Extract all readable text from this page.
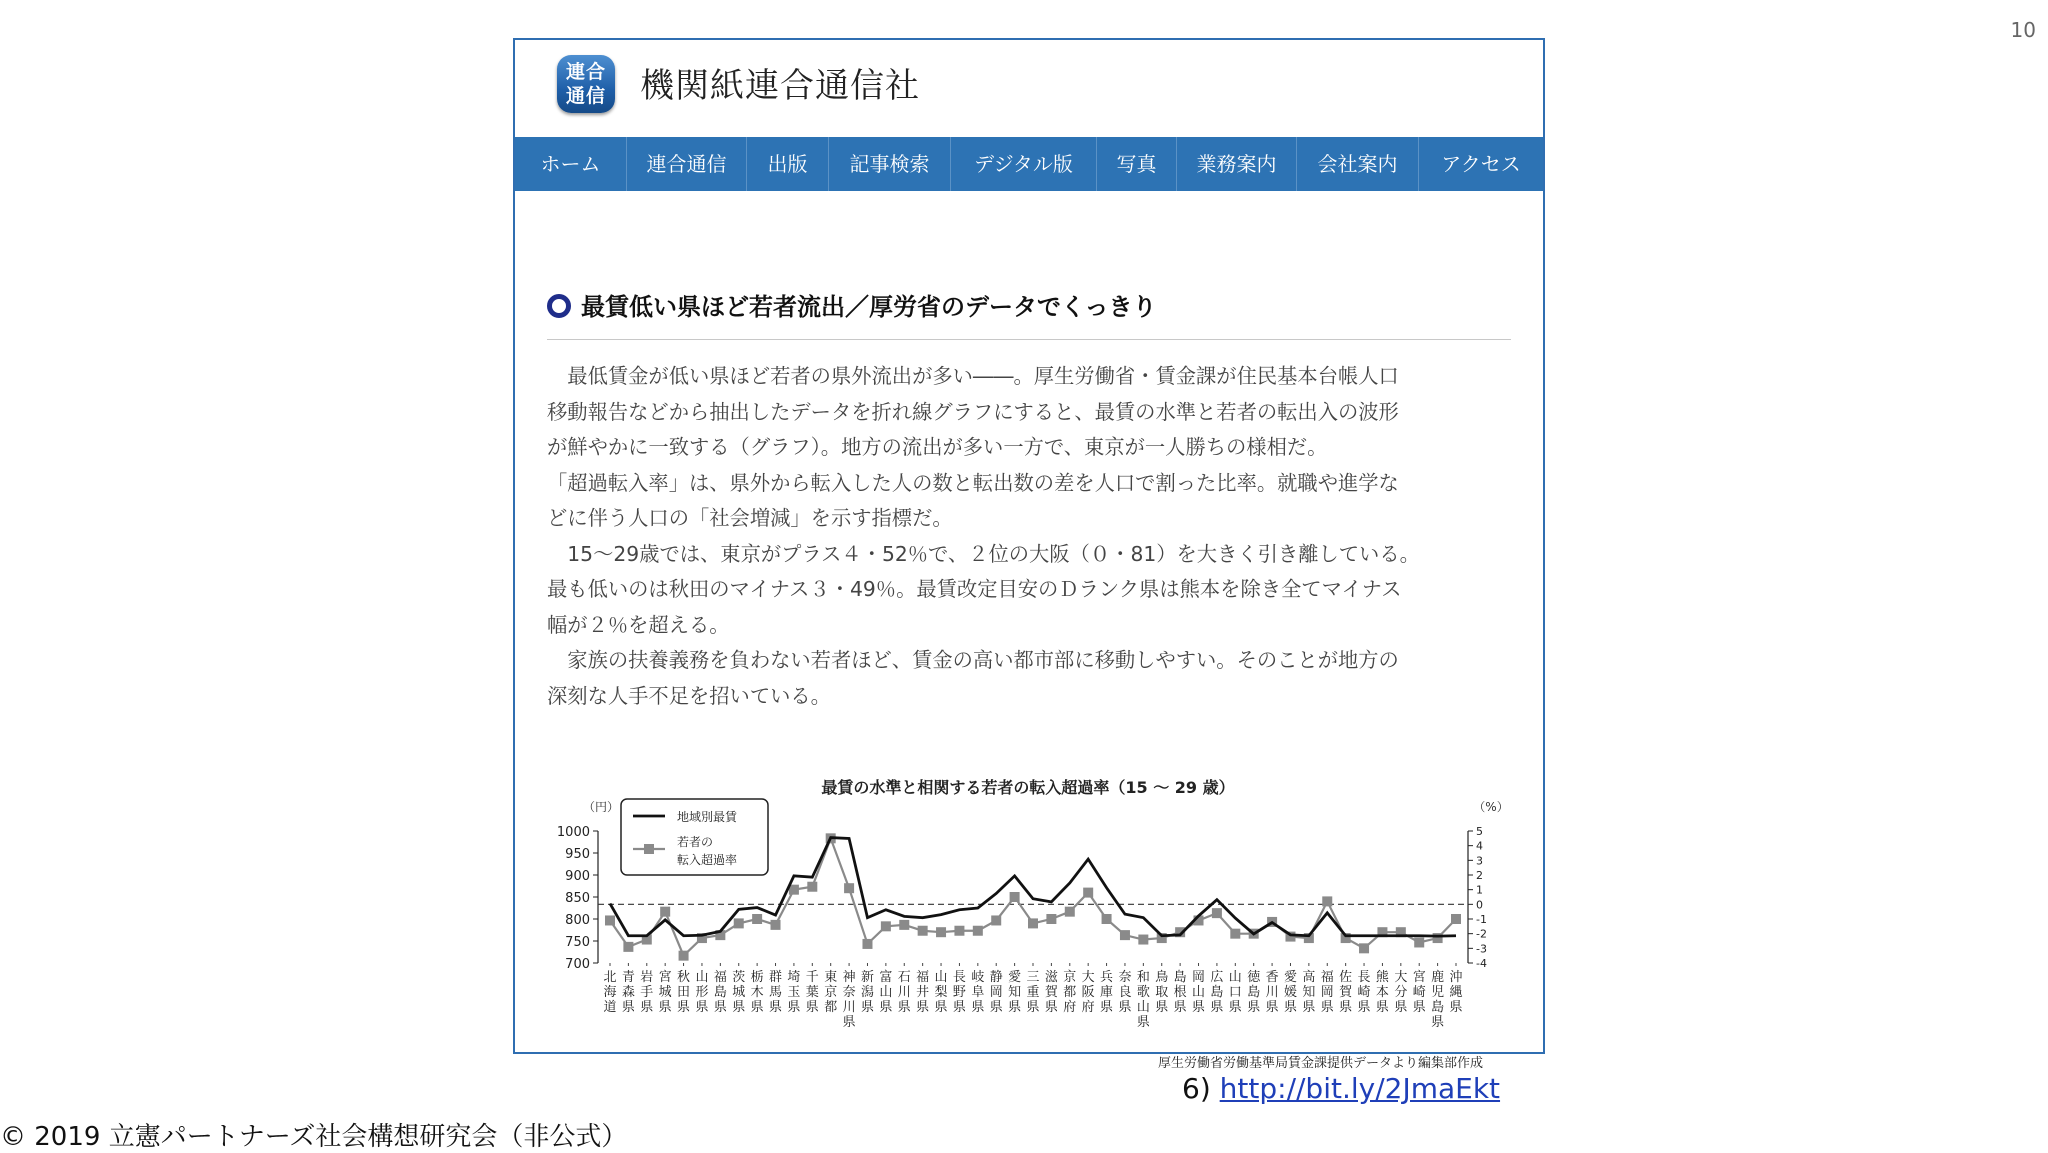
10
連合
通信 機関紙連合通信社
ホーム	連合通信	出版	記事検索	デジタル版	写真	業務案内	会社案内	アクセス
最賃低い県ほど若者流出／厚労省のデータでくっきり

　最低賃金が低い県ほど若者の県外流出が多い――。厚生労働省・賃金課が住民基本台帳人口

移動報告などから抽出したデータを折れ線グラフにすると、最賃の水準と若者の転出入の波形

が鮮やかに一致する（グラフ）。地方の流出が多い一方で、東京が一人勝ちの様相だ。

「超過転入率」は、県外から転入した人の数と転出数の差を人口で割った比率。就職や進学な

どに伴う人口の「社会増減」を示す指標だ。

　15〜29歳では、東京がプラス４・52％で、２位の大阪（０・81）を大きく引き離している。

最も低いのは秋田のマイナス３・49％。最賃改定目安のＤランク県は熊本を除き全てマイナス

幅が２％を超える。

　家族の扶養義務を負わない若者ほど、賃金の高い都市部に移動しやすい。そのことが地方の

深刻な人手不足を招いている。

最賃の水準と相関する若者の転入超過率（15 〜 29 歳）
（円）	（%）
1000
950
900
850
800
750
700
5
4
3
2
1
0
-1
-2
-3
-4
北海道
青森県
岩手県
宮城県
秋田県
山形県
福島県
茨城県
栃木県
群馬県
埼玉県
千葉県
東京都
神奈川県
新潟県
富山県
石川県
福井県
山梨県
長野県
岐阜県
静岡県
愛知県
三重県
滋賀県
京都府
大阪府
兵庫県
奈良県
和歌山県
鳥取県
島根県
岡山県
広島県
山口県
徳島県
香川県
愛媛県
高知県
福岡県
佐賀県
長崎県
熊本県
大分県
宮崎県
鹿児島県
沖縄県
地域別最賃
若者の転入超過率
厚生労働省労働基準局賃金課提供データより編集部作成
6) http://bit.ly/2JmaEkt
© 2019 立憲パートナーズ社会構想研究会（非公式）
